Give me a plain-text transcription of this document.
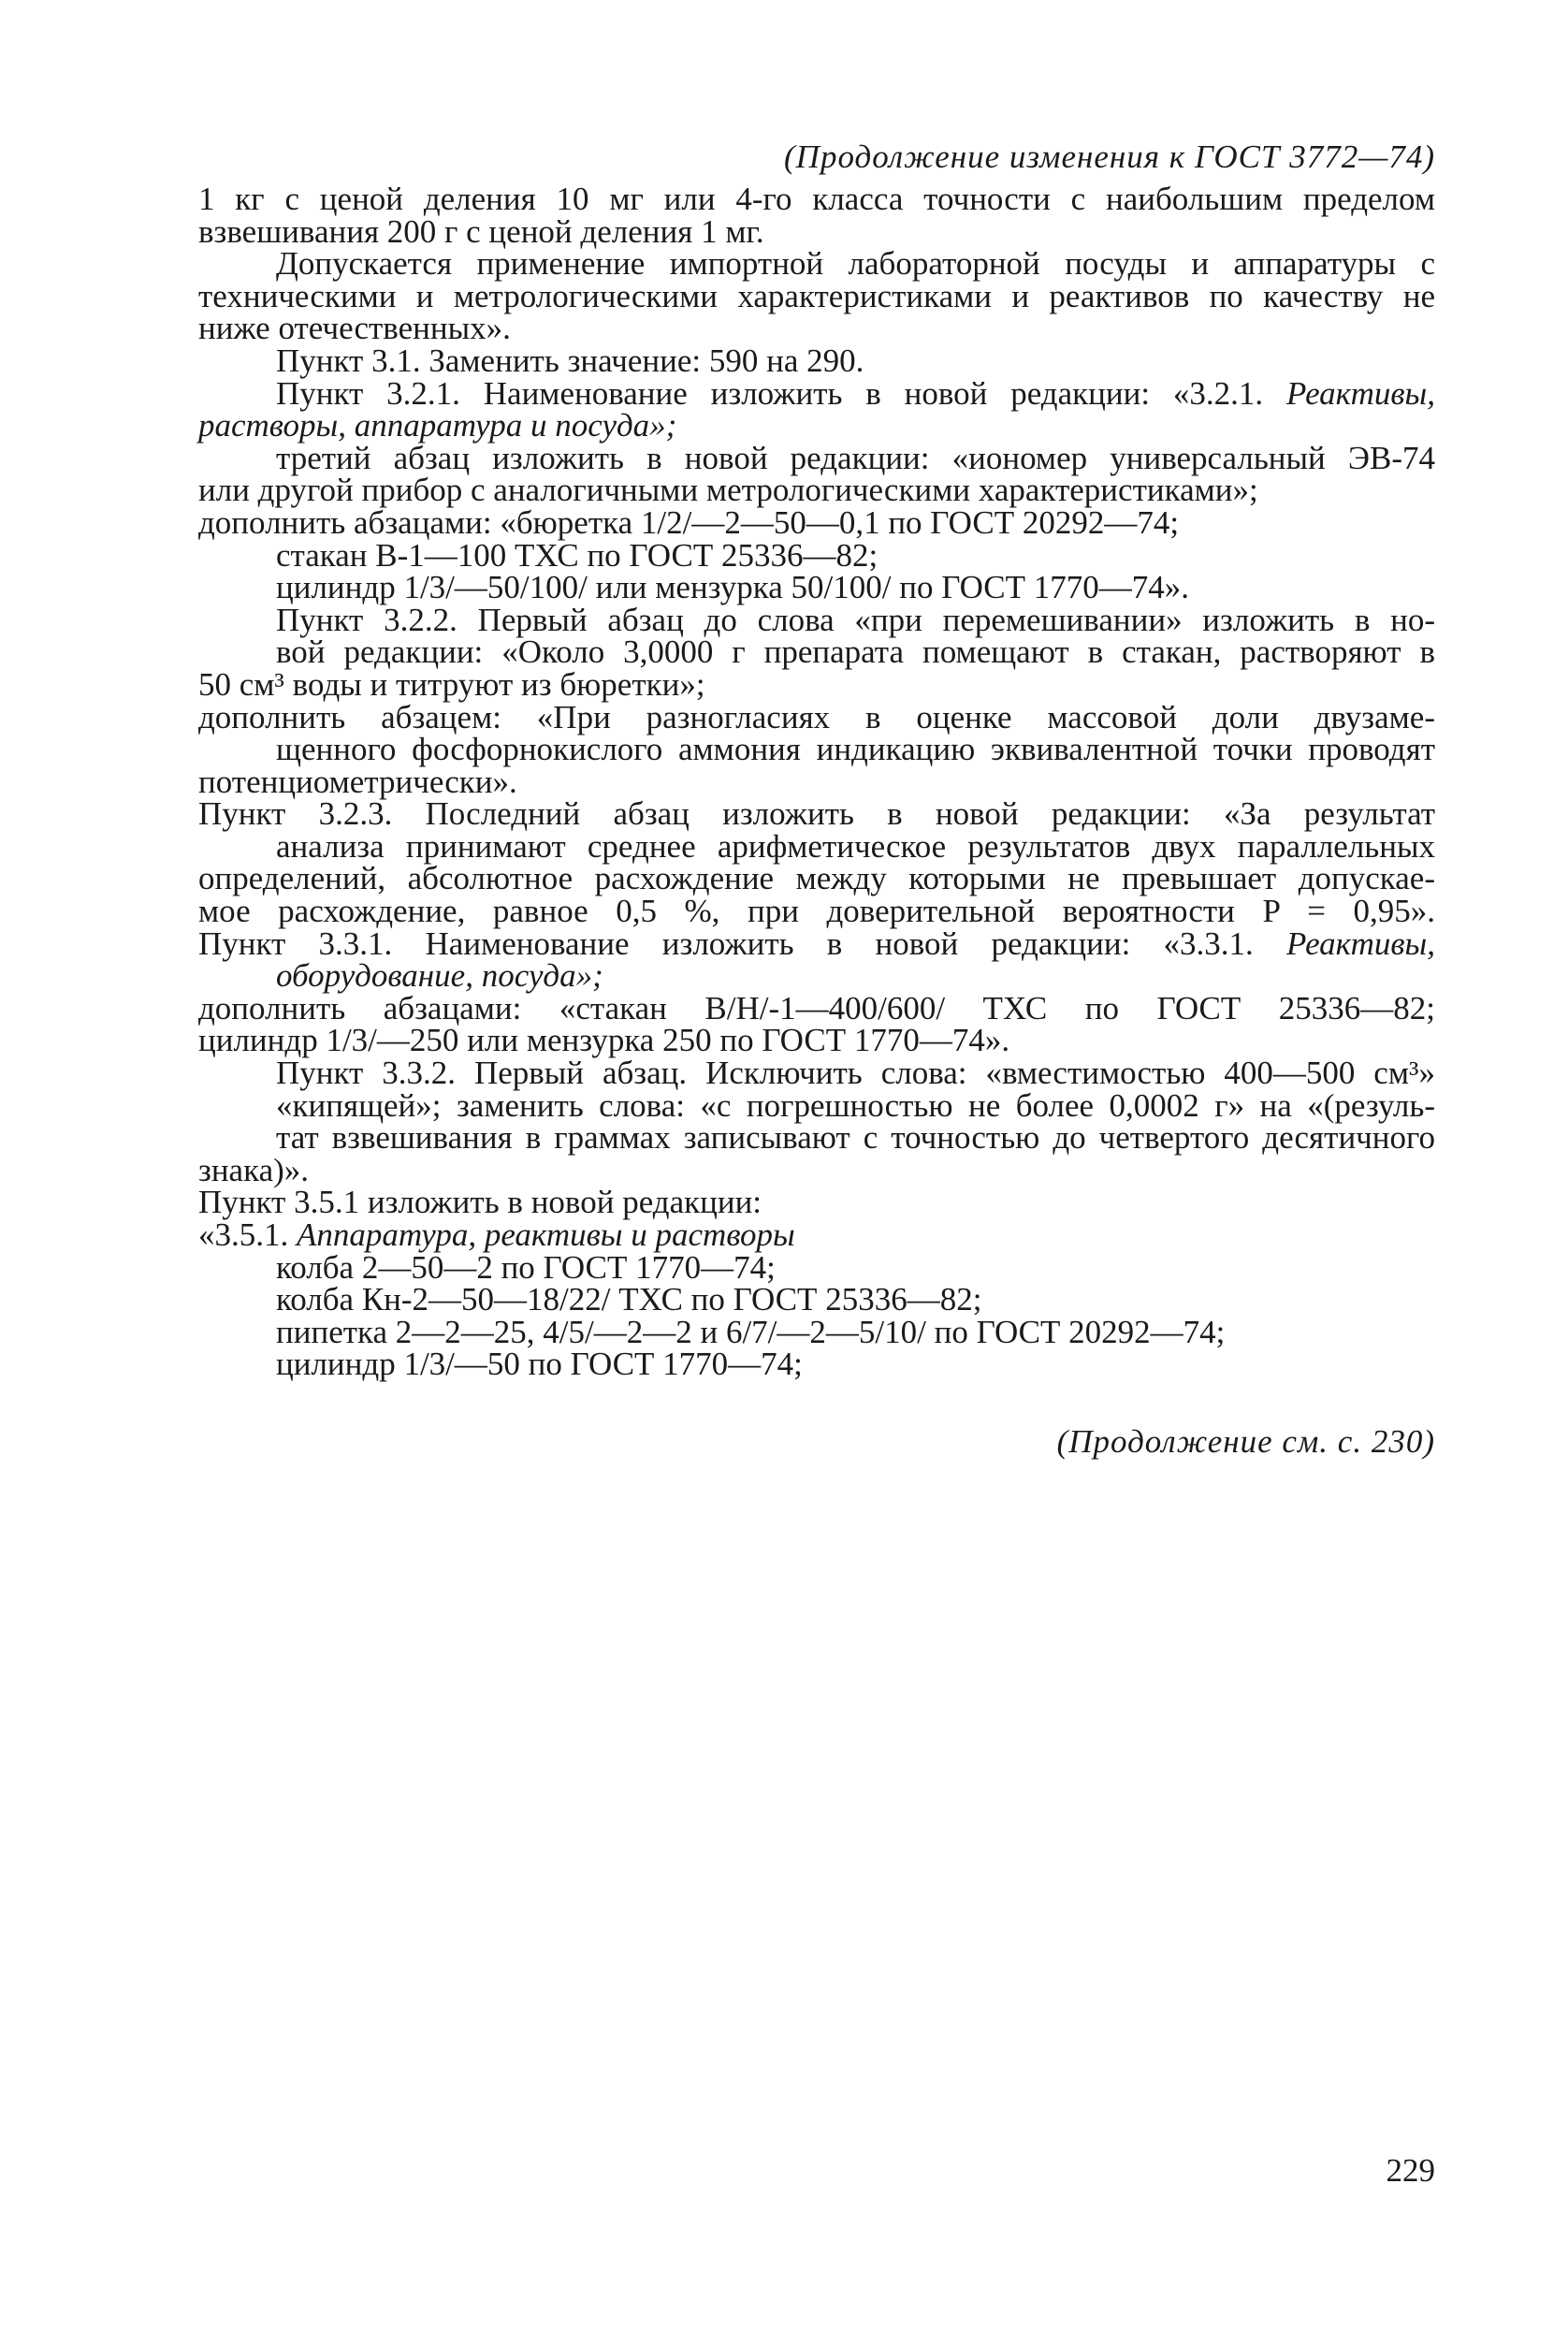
(Продолжение изменения к ГОСТ 3772—74)
1 кг с ценой деления 10 мг или 4-го класса точности с наибольшим пределом
взвешивания 200 г с ценой деления 1 мг.
Допускается применение импортной лабораторной посуды и аппаратуры с
техническими и метрологическими характеристиками и реактивов по качеству не
ниже отечественных».
Пункт 3.1. Заменить значение: 590 на 290.
Пункт 3.2.1. Наименование изложить в новой редакции: «3.2.1. Реактивы,
растворы, аппаратура и посуда»;
третий абзац изложить в новой редакции: «иономер универсальный ЭВ-74
или другой прибор с аналогичными метрологическими характеристиками»;
дополнить абзацами: «бюретка 1/2/—2—50—0,1 по ГОСТ 20292—74;
стакан В-1—100 ТХС по ГОСТ 25336—82;
цилиндр 1/3/—50/100/ или мензурка 50/100/ по ГОСТ 1770—74».
Пункт 3.2.2. Первый абзац до слова «при перемешивании» изложить в но-
вой редакции: «Около 3,0000 г препарата помещают в стакан, растворяют в
50 см³ воды и титруют из бюретки»;
дополнить абзацем: «При разногласиях в оценке массовой доли двузаме-
щенного фосфорнокислого аммония индикацию эквивалентной точки проводят
потенциометрически».
Пункт 3.2.3. Последний абзац изложить в новой редакции: «За результат
анализа принимают среднее арифметическое результатов двух параллельных
определений, абсолютное расхождение между которыми не превышает допускае-
мое расхождение, равное 0,5 %, при доверительной вероятности P = 0,95».
Пункт 3.3.1. Наименование изложить в новой редакции: «3.3.1. Реактивы,
оборудование, посуда»;
дополнить абзацами: «стакан В/Н/-1—400/600/ ТХС по ГОСТ 25336—82;
цилиндр 1/3/—250 или мензурка 250 по ГОСТ 1770—74».
Пункт 3.3.2. Первый абзац. Исключить слова: «вместимостью 400—500 см³»
«кипящей»; заменить слова: «с погрешностью не более 0,0002 г» на «(резуль-
тат взвешивания в граммах записывают с точностью до четвертого десятичного
знака)».
Пункт 3.5.1 изложить в новой редакции:
«3.5.1. Аппаратура, реактивы и растворы
колба 2—50—2 по ГОСТ 1770—74;
колба Кн-2—50—18/22/ ТХС по ГОСТ 25336—82;
пипетка 2—2—25, 4/5/—2—2 и 6/7/—2—5/10/ по ГОСТ 20292—74;
цилиндр 1/3/—50 по ГОСТ 1770—74;
(Продолжение см. с. 230)
229
